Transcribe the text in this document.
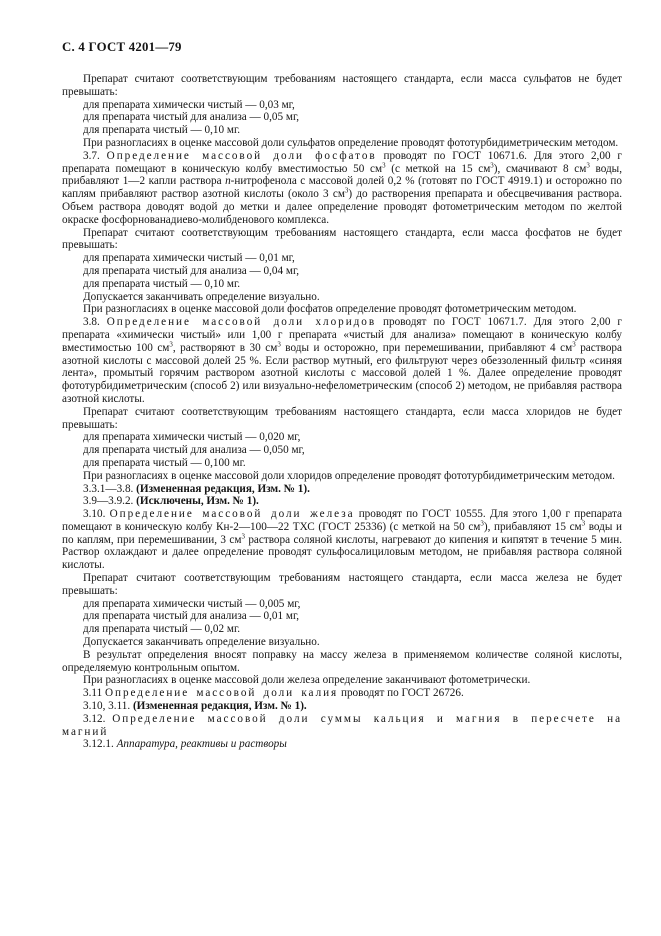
С. 4 ГОСТ 4201—79

Препарат считают соответствующим требованиям настоящего стандарта, если масса сульфатов не будет превышать:

для препарата химически чистый — 0,03 мг,

для препарата чистый для анализа — 0,05 мг,

для препарата чистый — 0,10 мг.

При разногласиях в оценке массовой доли сульфатов определение проводят фототурбидиметрическим методом.

3.7. Определение массовой доли фосфатов проводят по ГОСТ 10671.6. Для этого 2,00 г препарата помещают в коническую колбу вместимостью 50 $см^3$ (с меткой на 15 $см^3$), смачивают 8 $см^3$ воды, прибавляют 1—2 капли раствора n-нитрофенола с массовой долей 0,2 % (готовят по ГОСТ 4919.1) и осторожно по каплям прибавляют раствор азотной кислоты (около 3 $см^3$) до растворения препарата и обесцвечивания раствора. Объем раствора доводят водой до метки и далее определение проводят фотометрическим методом по желтой окраске фосфорнованадиево-молибденового комплекса.

Препарат считают соответствующим требованиям настоящего стандарта, если масса фосфатов не будет превышать:

для препарата химически чистый — 0,01 мг,

для препарата чистый для анализа — 0,04 мг,

для препарата чистый — 0,10 мг.

Допускается заканчивать определение визуально.

При разногласиях в оценке массовой доли фосфатов определение проводят фотометрическим методом.

3.8. Определение массовой доли хлоридов проводят по ГОСТ 10671.7. Для этого 2,00 г препарата «химически чистый» или 1,00 г препарата «чистый для анализа» помещают в коническую колбу вместимостью 100 $см^3$, растворяют в 30 $см^3$ воды и осторожно, при перемешивании, прибавляют 4 $см^3$ раствора азотной кислоты с массовой долей 25 %. Если раствор мутный, его фильтруют через обеззоленный фильтр «синяя лента», промытый горячим раствором азотной кислоты с массовой долей 1 %. Далее определение проводят фототурбидиметрическим (способ 2) или визуально-нефелометрическим (способ 2) методом, не прибавляя раствора азотной кислоты.

Препарат считают соответствующим требованиям настоящего стандарта, если масса хлоридов не будет превышать:

для препарата химически чистый — 0,020 мг,

для препарата чистый для анализа — 0,050 мг,

для препарата чистый — 0,100 мг.

При разногласиях в оценке массовой доли хлоридов определение проводят фототурбидиметрическим методом.

3.3.1—3.8. (Измененная редакция, Изм. № 1).

3.9—3.9.2. (Исключены, Изм. № 1).

3.10. Определение массовой доли железа проводят по ГОСТ 10555. Для этого 1,00 г препарата помещают в коническую колбу Кн-2—100—22 ТХС (ГОСТ 25336) (с меткой на 50 $см^3$), прибавляют 15 $см^3$ воды и по каплям, при перемешивании, 3 $см^3$ раствора соляной кислоты, нагревают до кипения и кипятят в течение 5 мин. Раствор охлаждают и далее определение проводят сульфосалициловым методом, не прибавляя раствора соляной кислоты.

Препарат считают соответствующим требованиям настоящего стандарта, если масса железа не будет превышать:

для препарата химически чистый — 0,005 мг,

для препарата чистый для анализа — 0,01 мг,

для препарата чистый — 0,02 мг.

Допускается заканчивать определение визуально.

В результат определения вносят поправку на массу железа в применяемом количестве соляной кислоты, определяемую контрольным опытом.

При разногласиях в оценке массовой доли железа определение заканчивают фотометрически.

3.11 Определение массовой доли калия проводят по ГОСТ 26726.

3.10, 3.11. (Измененная редакция, Изм. № 1).

3.12. Определение массовой доли суммы кальция и магния в пересчете на магний

3.12.1. Аппаратура, реактивы и растворы
